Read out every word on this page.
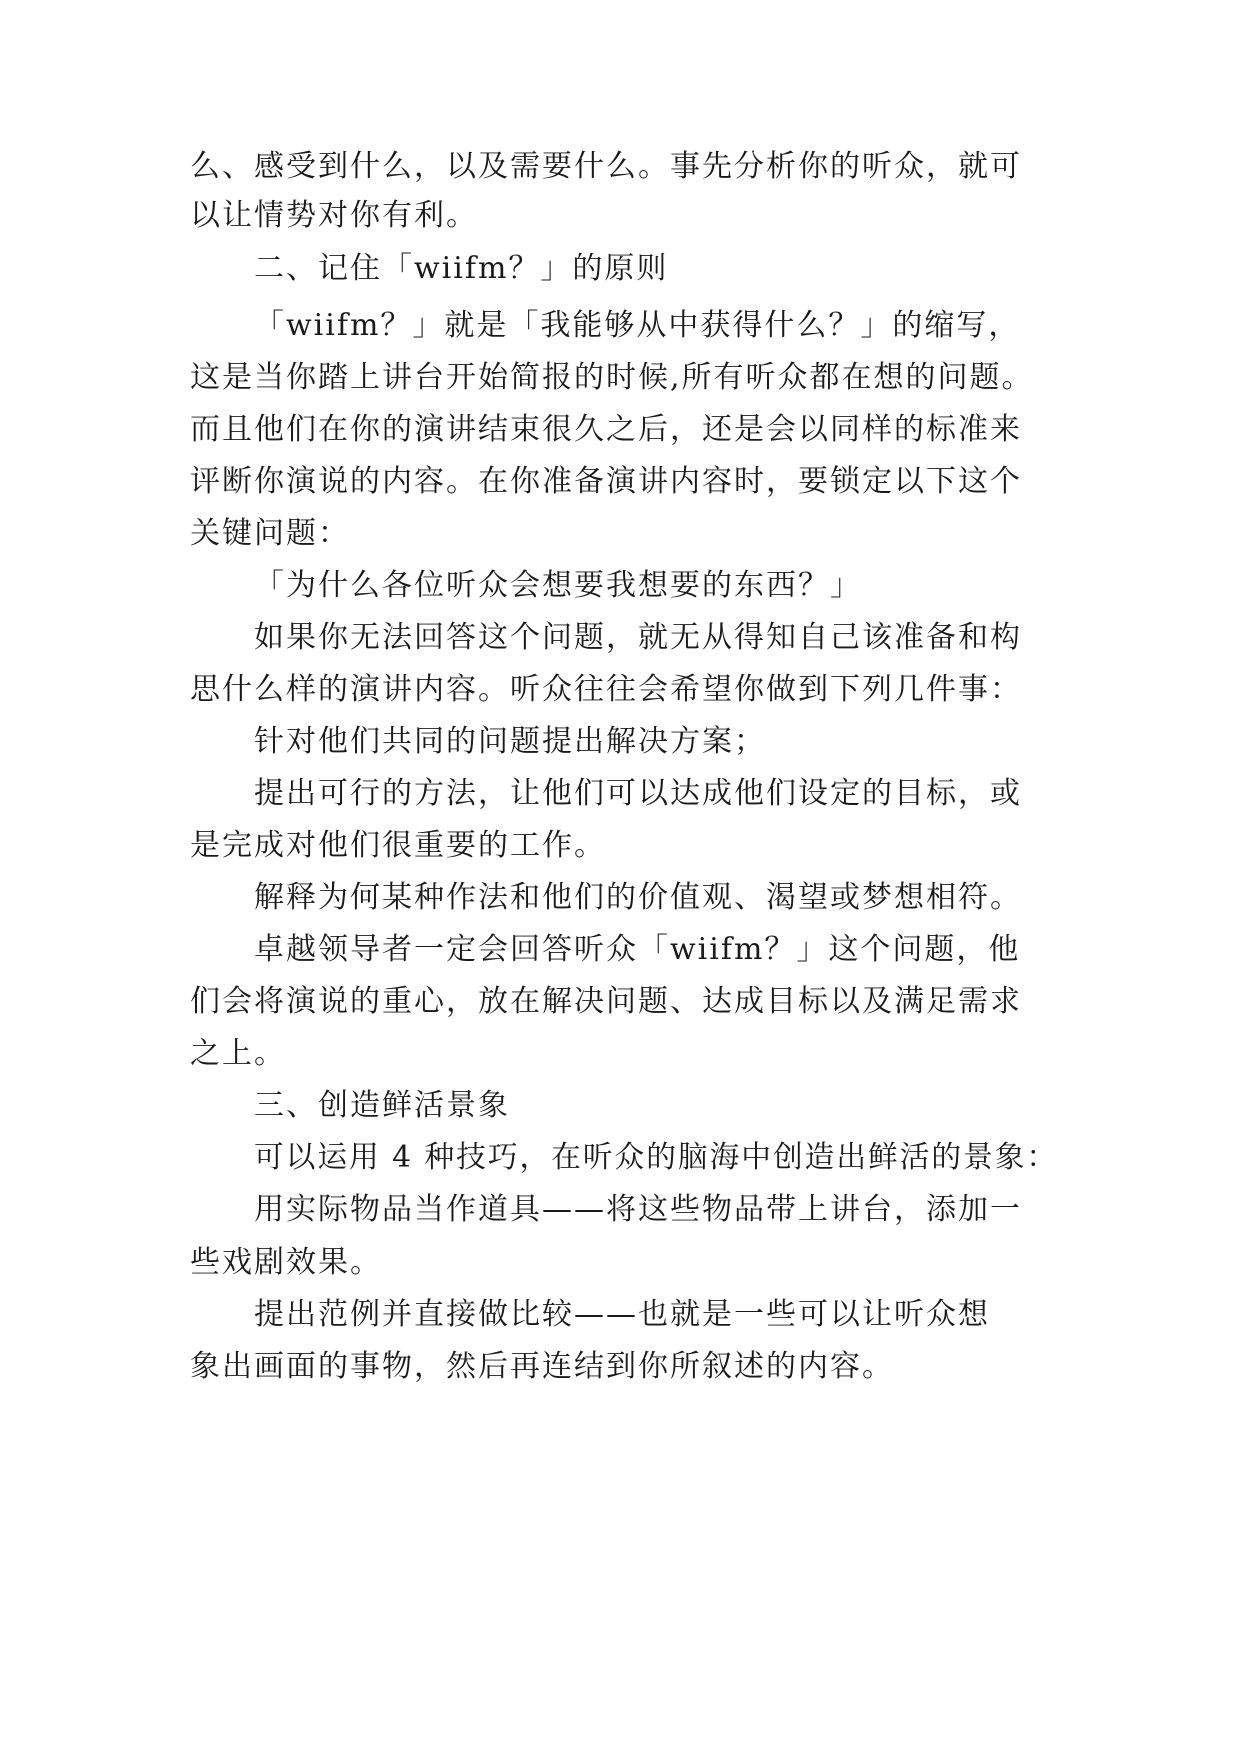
么、感受到什么，以及需要什么。事先分析你的听众，就可

以让情势对你有利。

二、记住「wiifm？」的原则

「wiifm？」就是「我能够从中获得什么？」的缩写，

这是当你踏上讲台开始简报的时候,所有听众都在想的问题。

而且他们在你的演讲结束很久之后，还是会以同样的标准来

评断你演说的内容。在你准备演讲内容时，要锁定以下这个

关键问题：

「为什么各位听众会想要我想要的东西？」

如果你无法回答这个问题，就无从得知自己该准备和构

思什么样的演讲内容。听众往往会希望你做到下列几件事：

针对他们共同的问题提出解决方案；

提出可行的方法，让他们可以达成他们设定的目标，或

是完成对他们很重要的工作。

解释为何某种作法和他们的价值观、渴望或梦想相符。

卓越领导者一定会回答听众「wiifm？」这个问题，他

们会将演说的重心，放在解决问题、达成目标以及满足需求

之上。

三、创造鲜活景象

可以运用 4 种技巧，在听众的脑海中创造出鲜活的景象：

用实际物品当作道具——将这些物品带上讲台，添加一

些戏剧效果。

提出范例并直接做比较——也就是一些可以让听众想

象出画面的事物，然后再连结到你所叙述的内容。
